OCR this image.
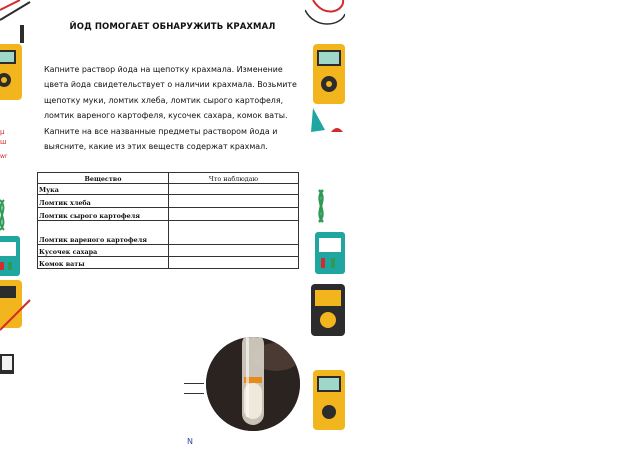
μ
ш
wr
ЙОД ПОМОГАЕТ ОБНАРУЖИТЬ КРАХМАЛ
Капните раствор йода на щепотку крахмала. Изменение цвета йода свидетельствует о наличии крахмала. Возьмите щепотку муки, ломтик хлеба, ломтик сырого картофеля, ломтик вареного картофеля, кусочек сахара, комок ваты. Капните на все названные предметы раствором йода и выясните, какие из этих веществ содержат крахмал.
Вещество	Что наблюдаю
Мука	
Ломтик хлеба	
Ломтик сырого картофеля	
Ломтик вареного картофеля	
Кусочек сахара	
Комок ваты	
N
